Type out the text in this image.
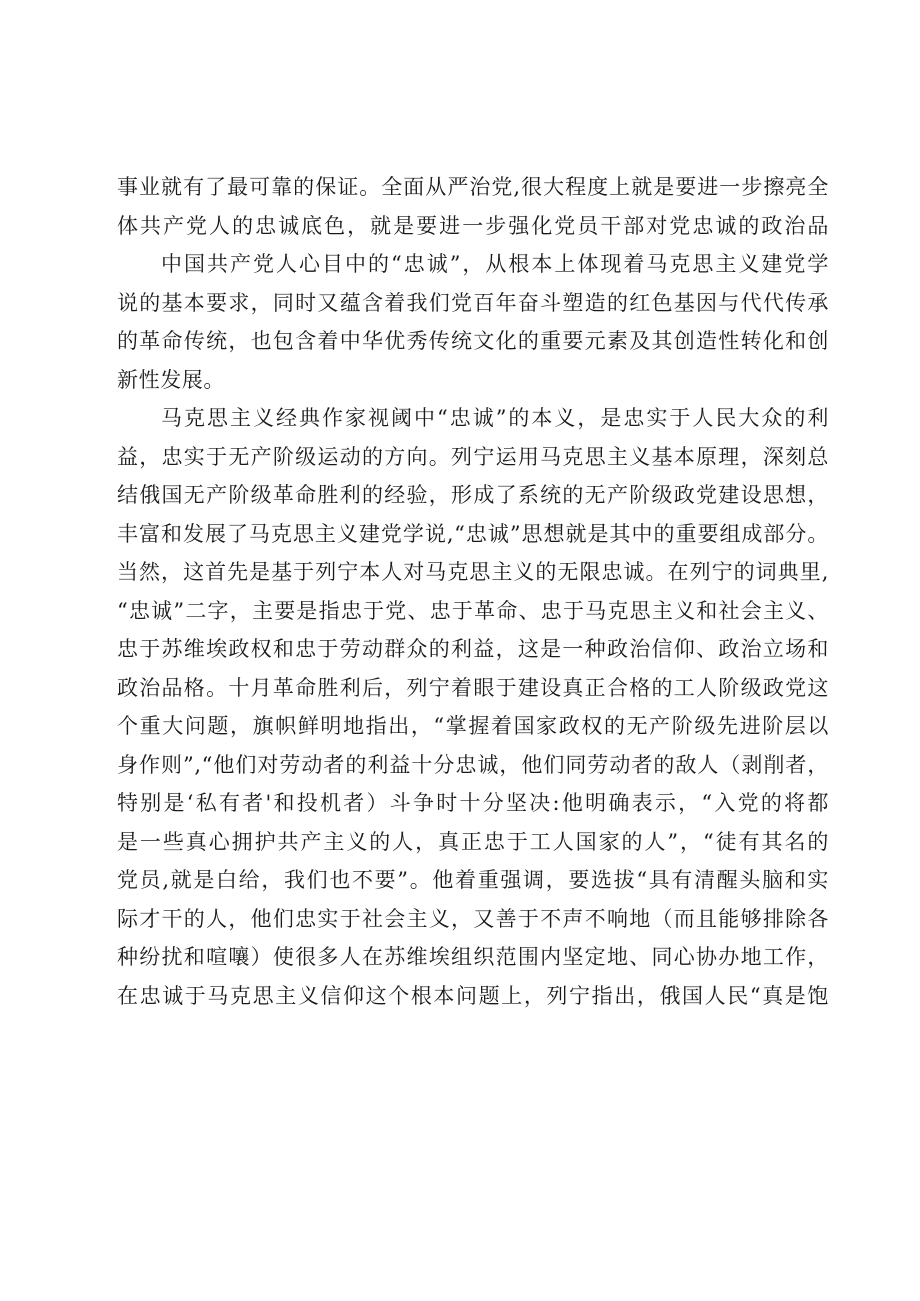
事业就有了最可靠的保证。全面从严治党,很大程度上就是要进一步擦亮全
体共产党人的忠诚底色，就是要进一步强化党员干部对党忠诚的政治品
中国共产党人心目中的“忠诚”，从根本上体现着马克思主义建党学
说的基本要求，同时又蕴含着我们党百年奋斗塑造的红色基因与代代传承
的革命传统，也包含着中华优秀传统文化的重要元素及其创造性转化和创
新性发展。
马克思主义经典作家视阈中“忠诚”的本义，是忠实于人民大众的利
益，忠实于无产阶级运动的方向。列宁运用马克思主义基本原理，深刻总
结俄国无产阶级革命胜利的经验，形成了系统的无产阶级政党建设思想，
丰富和发展了马克思主义建党学说,“忠诚”思想就是其中的重要组成部分。
当然，这首先是基于列宁本人对马克思主义的无限忠诚。在列宁的词典里,
“忠诚”二字，主要是指忠于党、忠于革命、忠于马克思主义和社会主义、
忠于苏维埃政权和忠于劳动群众的利益，这是一种政治信仰、政治立场和
政治品格。十月革命胜利后，列宁着眼于建设真正合格的工人阶级政党这
个重大问题，旗帜鲜明地指出，“掌握着国家政权的无产阶级先进阶层以
身作则”,“他们对劳动者的利益十分忠诚，他们同劳动者的敌人（剥削者，
特别是‘私有者'和投机者）斗争时十分坚决:他明确表示，“入党的将都
是一些真心拥护共产主义的人，真正忠于工人国家的人”，“徒有其名的
党员,就是白给，我们也不要”。他着重强调，要选拔“具有清醒头脑和实
际才干的人，他们忠实于社会主义，又善于不声不响地（而且能够排除各
种纷扰和喧嚷）使很多人在苏维埃组织范围内坚定地、同心协办地工作，
在忠诚于马克思主义信仰这个根本问题上，列宁指出，俄国人民“真是饱
